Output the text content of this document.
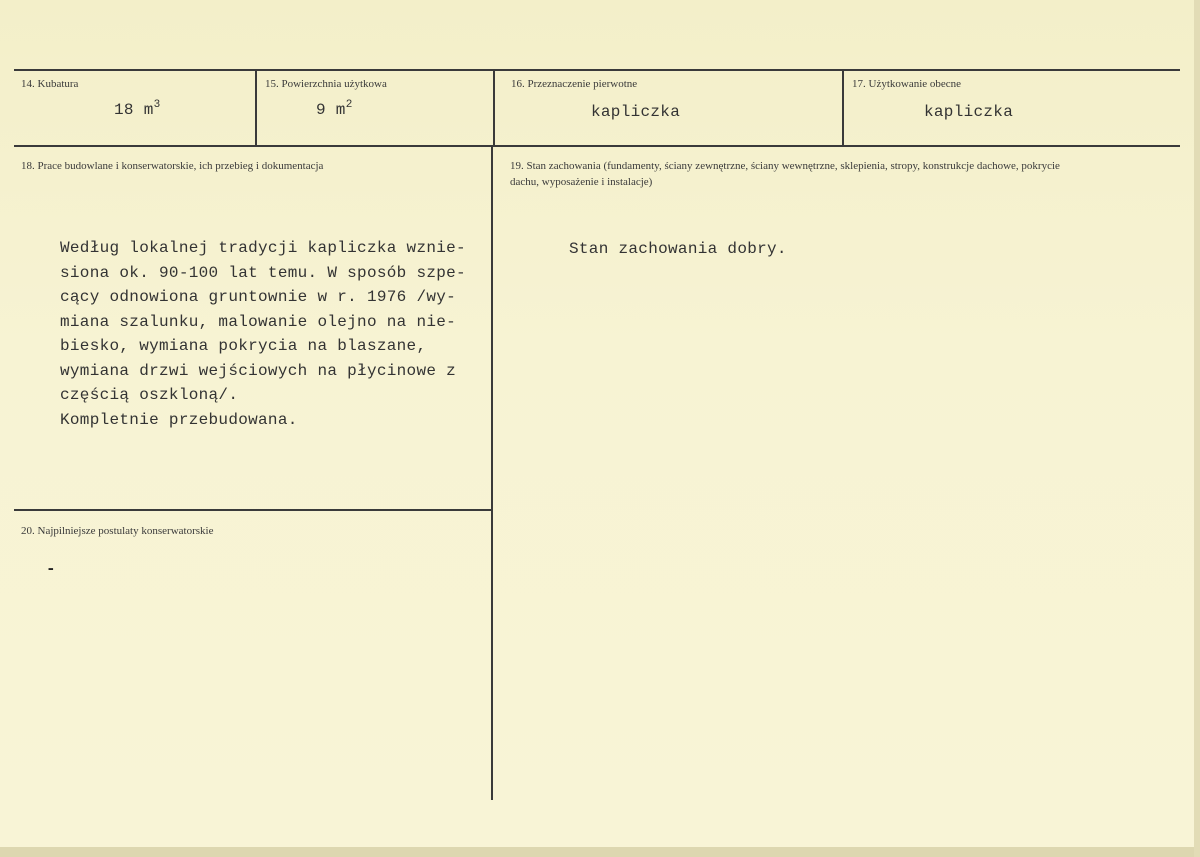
14. Kubatura
18 $m^3$
15. Powierzchnia użytkowa
9 $m^2$
16. Przeznaczenie pierwotne
kapliczka
17. Użytkowanie obecne
kapliczka
18. Prace budowlane i konserwatorskie, ich przebieg i dokumentacja
Według lokalnej tradycji kapliczka wznie-
siona ok. 90-100 lat temu. W sposób szpe-
cący odnowiona gruntownie w r. 1976 /wy-
miana szalunku, malowanie olejno na nie-
biesko, wymiana pokrycia na blaszane,
wymiana drzwi wejściowych na płycinowe z
częścią oszkloną/.
Kompletnie przebudowana.
19. Stan zachowania (fundamenty, ściany zewnętrzne, ściany wewnętrzne, sklepienia, stropy, konstrukcje dachowe, pokrycie dachu, wyposażenie i instalacje)
Stan zachowania dobry.
20. Najpilniejsze postulaty konserwatorskie
-
